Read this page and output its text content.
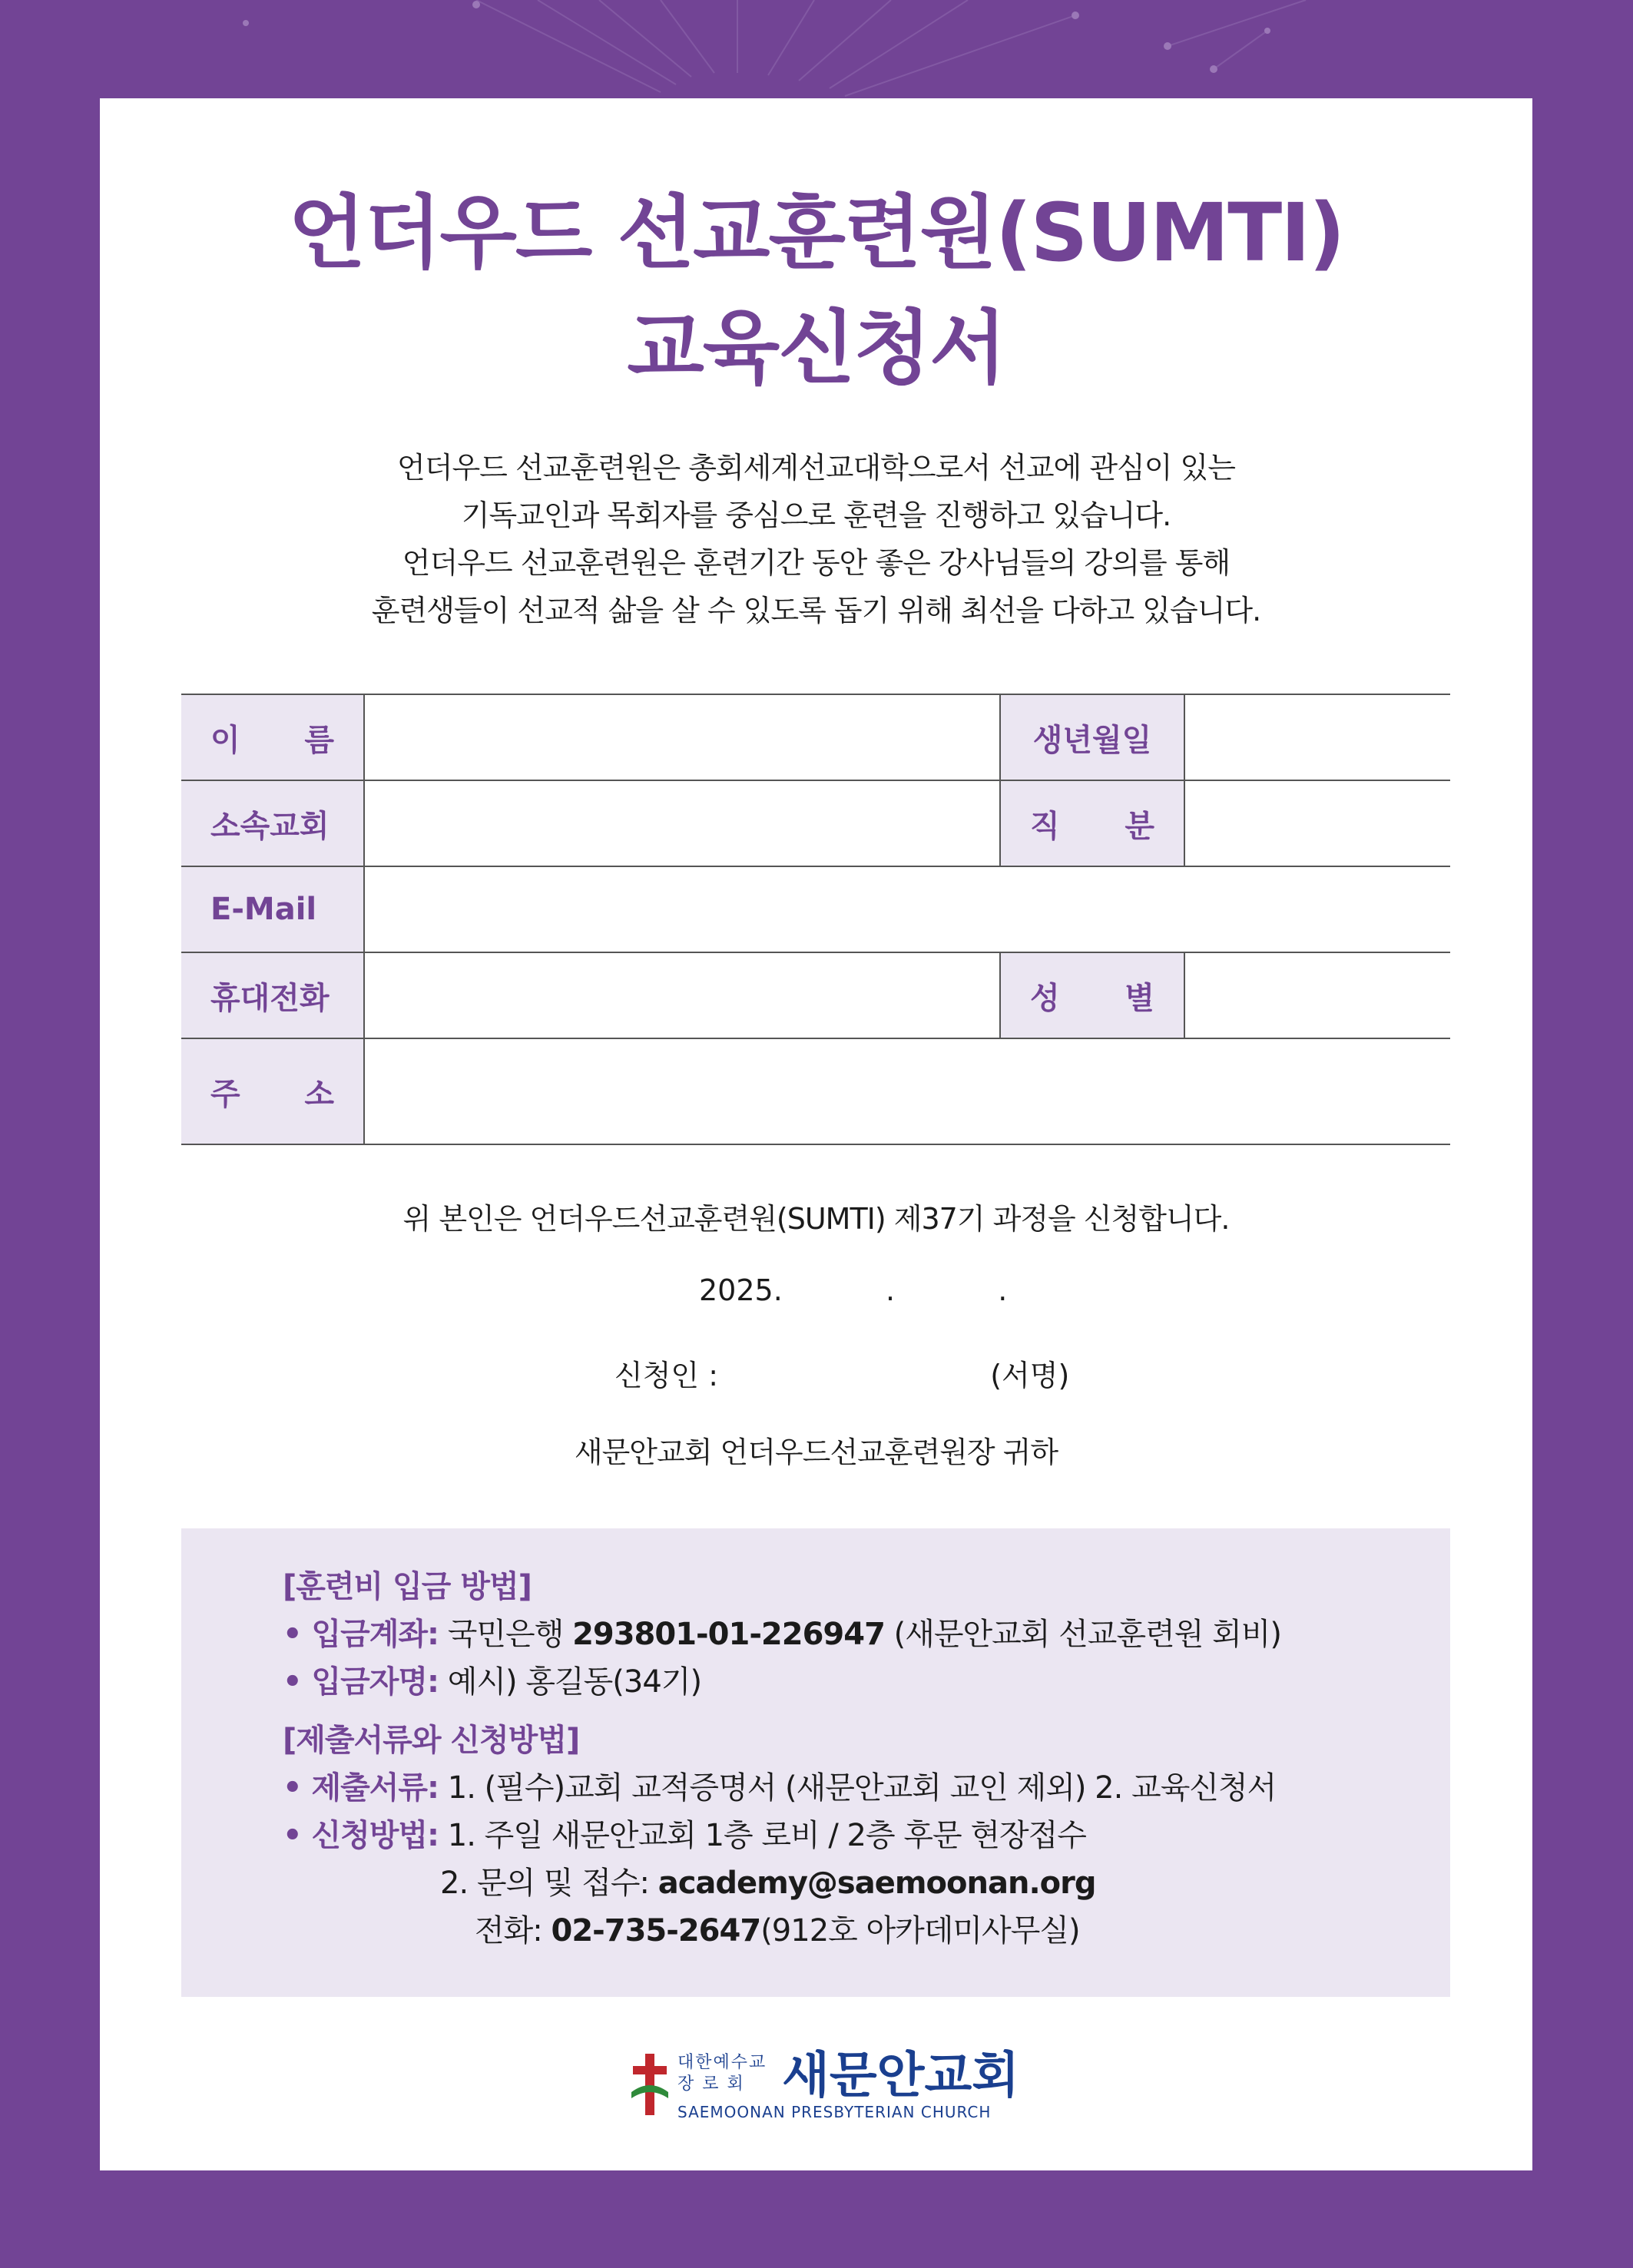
언더우드 선교훈련원(SUMTI)
교육신청서
언더우드 선교훈련원은 총회세계선교대학으로서 선교에 관심이 있는
기독교인과 목회자를 중심으로 훈련을 진행하고 있습니다.
언더우드 선교훈련원은 훈련기간 동안 좋은 강사님들의 강의를 통해
훈련생들이 선교적 삶을 살 수 있도록 돕기 위해 최선을 다하고 있습니다.
이 름		생년월일	
소속교회		직 분	
E-Mail			
휴대전화		성 별	
주 소			
위 본인은 언더우드선교훈련원(SUMTI) 제37기 과정을 신청합니다.
2025.	.	.
신청인 :	(서명)
새문안교회 언더우드선교훈련원장 귀하
[훈련비 입금 방법]
• 입금계좌: 국민은행 293801-01-226947 (새문안교회 선교훈련원 회비)
• 입금자명: 예시) 홍길동(34기)
[제출서류와 신청방법]
• 제출서류: 1. (필수)교회 교적증명서 (새문안교회 교인 제외) 2. 교육신청서
• 신청방법: 1. 주일 새문안교회 1층 로비 / 2층 후문 현장접수
2. 문의 및 접수: academy@saemoonan.org
전화: 02-735-2647(912호 아카데미사무실)
대한예수교
장 로 회 새문안교회
SAEMOONAN PRESBYTERIAN CHURCH
